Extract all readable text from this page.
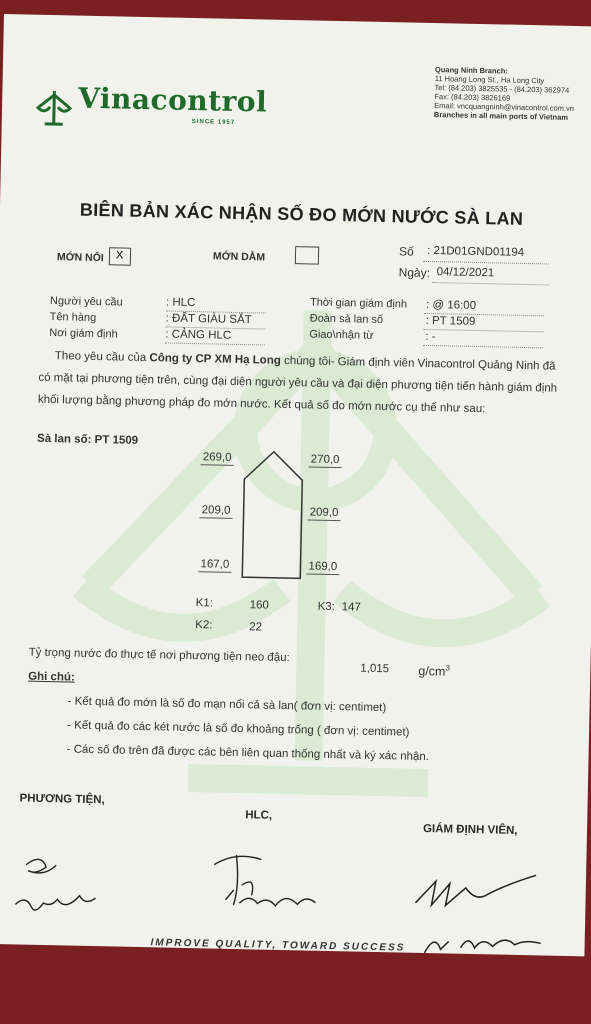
Vinacontrol
SINCE 1957
Quang Ninh Branch:
11 Hoang Long St., Ha Long City
Tel: (84.203) 3825535 - (84.203) 362974
Fax: (84.203) 3826169
Email: vncquangninh@vinacontrol.com.vn
Branches in all main ports of Vietnam
BIÊN BẢN XÁC NHẬN SỐ ĐO MỚN NƯỚC SÀ LAN
MỚN NỔI X	MỚN DẰM	Số : 21D01GND01194
Ngày: 04/12/2021
Người yêu cầu	: HLC
Tên hàng	: ĐẤT GIÀU SẮT
Nơi giám định	: CẢNG HLC
Thời gian giám định : @ 16:00
Đoàn sà lan số	: PT 1509
Giao\nhận từ	: -
Theo yêu cầu của Công ty CP XM Hạ Long chúng tôi- Giám định viên Vinacontrol Quảng Ninh đã có mặt tại phương tiện trên, cùng đại diện người yêu cầu và đại diện phương tiện tiến hành giám định khối lượng bằng phương pháp đo mớn nước. Kết quả số đo mớn nước cụ thể như sau:
Sà lan số: PT 1509
269,0	270,0
209,0	209,0
167,0	169,0
K1:	160	K3: 147
K2:	22
Tỷ trọng nước đo thực tế nơi phương tiện neo đậu:
1,015 $g/cm^3$
Ghi chú:
- Kết quả đo mớn là số đo mạn nổi cả sà lan( đơn vị: centimet)
- Kết quả đo các két nước là số đo khoảng trống ( đơn vị: centimet)
- Các số đo trên đã được các bên liên quan thống nhất và ký xác nhận.
PHƯƠNG TIỆN,
HLC,
GIÁM ĐỊNH VIÊN,
IMPROVE QUALITY, TOWARD SUCCESS
